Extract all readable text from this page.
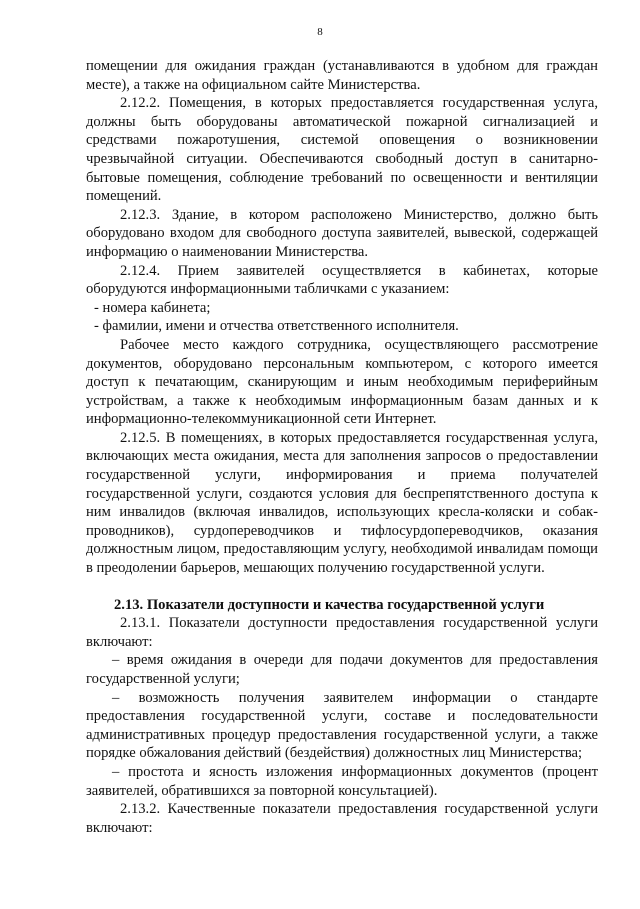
8

помещении для ожидания граждан (устанавливаются в удобном для граждан месте), а также на официальном сайте Министерства.

2.12.2. Помещения, в которых предоставляется государственная услуга, должны быть оборудованы автоматической пожарной сигнализацией и средствами пожаротушения, системой оповещения о возникновении чрезвычайной ситуации. Обеспечиваются свободный доступ в санитарно-бытовые помещения, соблюдение требований по освещенности и вентиляции помещений.

2.12.3. Здание, в котором расположено Министерство, должно быть оборудовано входом для свободного доступа заявителей, вывеской, содержащей информацию о наименовании Министерства.

2.12.4. Прием заявителей осуществляется в кабинетах, которые оборудуются информационными табличками с указанием:

- номера кабинета;

- фамилии, имени и отчества ответственного исполнителя.

Рабочее место каждого сотрудника, осуществляющего рассмотрение документов, оборудовано персональным компьютером, с которого имеется доступ к печатающим, сканирующим и иным необходимым периферийным устройствам, а также к необходимым информационным базам данных и к информационно-телекоммуникационной сети Интернет.

2.12.5. В помещениях, в которых предоставляется государственная услуга, включающих места ожидания, места для заполнения запросов о предоставлении государственной услуги, информирования и приема получателей государственной услуги, создаются условия для беспрепятственного доступа к ним инвалидов (включая инвалидов, использующих кресла-коляски и собак-проводников), сурдопереводчиков и тифлосурдопереводчиков, оказания должностным лицом, предоставляющим услугу, необходимой инвалидам помощи в преодолении барьеров, мешающих получению государственной услуги.

2.13. Показатели доступности и качества государственной услуги

2.13.1. Показатели доступности предоставления государственной услуги включают:

– время ожидания в очереди для подачи документов для предоставления государственной услуги;

– возможность получения заявителем информации о стандарте предоставления государственной услуги, составе и последовательности административных процедур предоставления государственной услуги, а также порядке обжалования действий (бездействия) должностных лиц Министерства;

– простота и ясность изложения информационных документов (процент заявителей, обратившихся за повторной консультацией).

2.13.2. Качественные показатели предоставления государственной услуги включают:
